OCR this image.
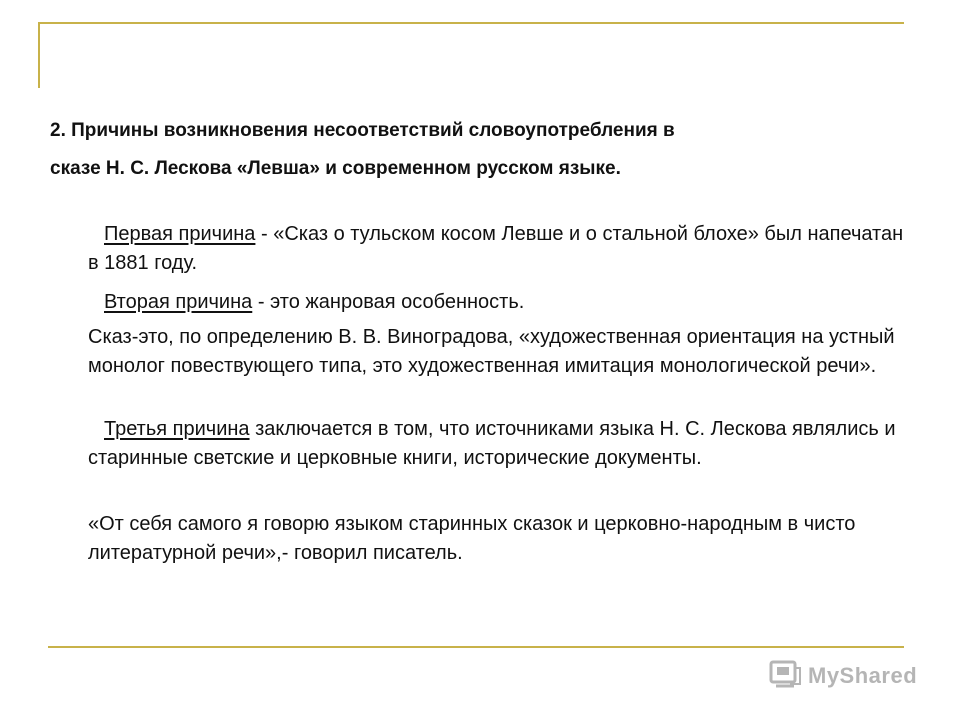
2. Причины возникновения несоответствий словоупотребления в
сказе Н. С. Лескова «Левша» и современном русском языке.

Первая причина - «Сказ о тульском косом Левше и о стальной блохе» был напечатан в 1881 году.

Вторая причина - это жанровая особенность.

Сказ-это, по определению В. В. Виноградова, «художественная ориентация на устный монолог повествующего типа, это художественная имитация монологической речи».

Третья причина заключается в том, что источниками языка Н. С. Лескова являлись и старинные светские и церковные книги, исторические документы.

«От себя самого я говорю языком старинных сказок и церковно-народным в чисто литературной речи»,- говорил писатель.

MyShared
